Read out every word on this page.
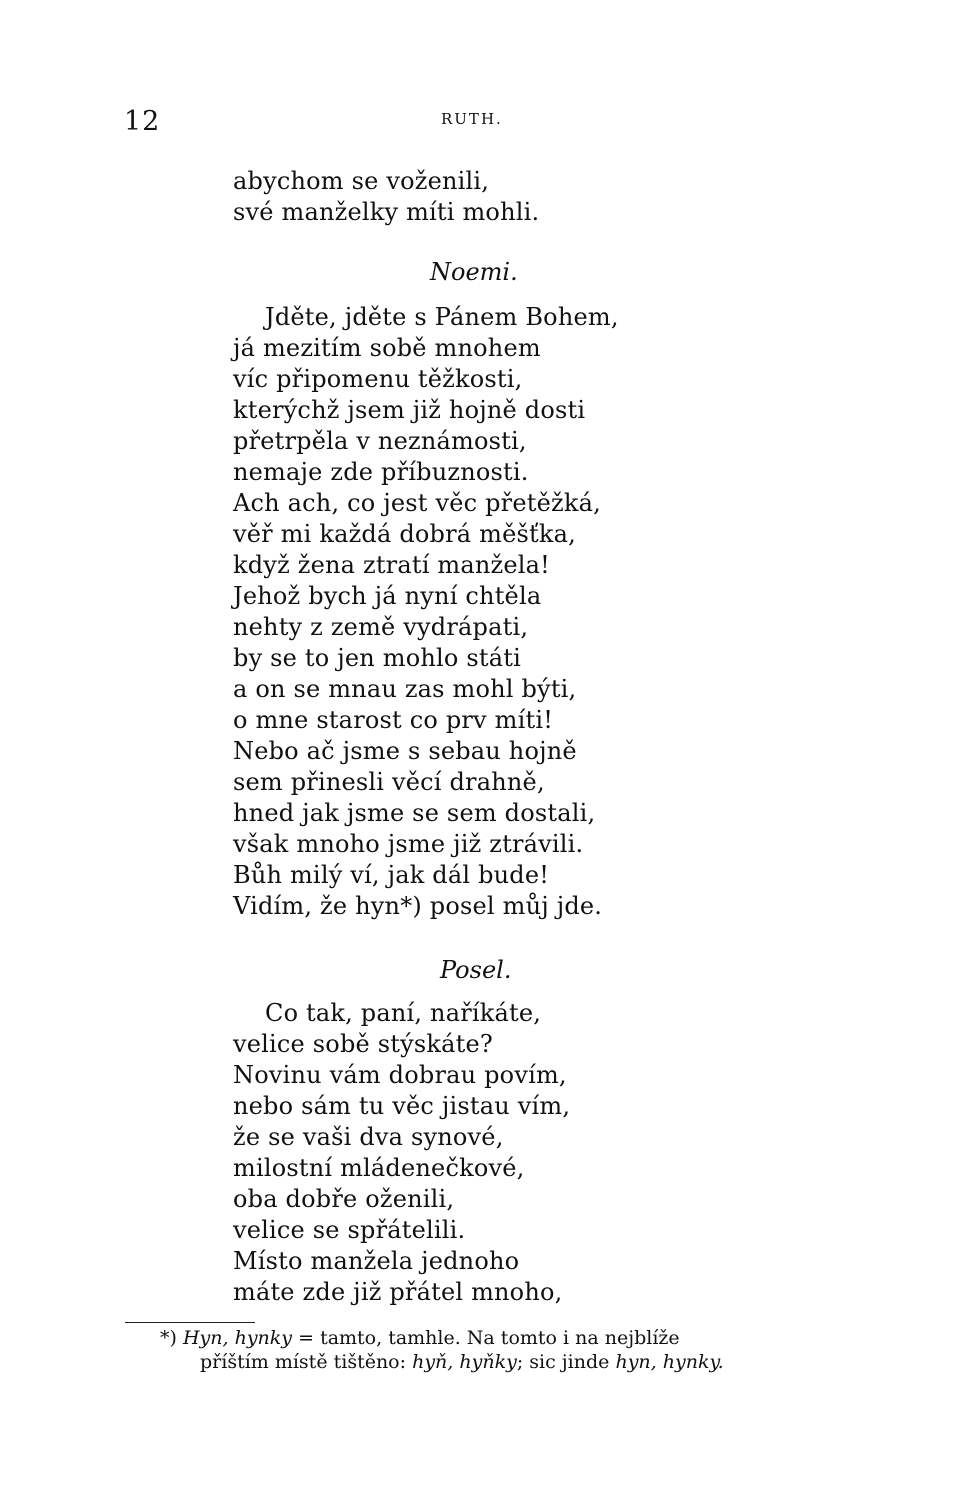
12	RUTH.
abychom se voženili,
své manželky míti mohli.
Noemi.
Jděte, jděte s Pánem Bohem,
já mezitím sobě mnohem
víc připomenu těžkosti,
kterýchž jsem již hojně dosti
přetrpěla v neznámosti,
nemaje zde příbuznosti.
Ach ach, co jest věc přetěžká,
věř mi každá dobrá měšťka,
když žena ztratí manžela!
Jehož bych já nyní chtěla
nehty z země vydrápati,
by se to jen mohlo státi
a on se mnau zas mohl býti,
o mne starost co prv míti!
Nebo ač jsme s sebau hojně
sem přinesli věcí drahně,
hned jak jsme se sem dostali,
však mnoho jsme již ztrávili.
Bůh milý ví, jak dál bude!
Vidím, že hyn*) posel můj jde.
Posel.
Co tak, paní, naříkáte,
velice sobě stýskáte?
Novinu vám dobrau povím,
nebo sám tu věc jistau vím,
že se vaši dva synové,
milostní mládenečkové,
oba dobře oženili,
velice se spřátelili.
Místo manžela jednoho
máte zde již přátel mnoho,
*) Hyn, hynky = tamto, tamhle. Na tomto i na nejblíže
příštím místě tištěno: hyň, hyňky; sic jinde hyn, hynky.
